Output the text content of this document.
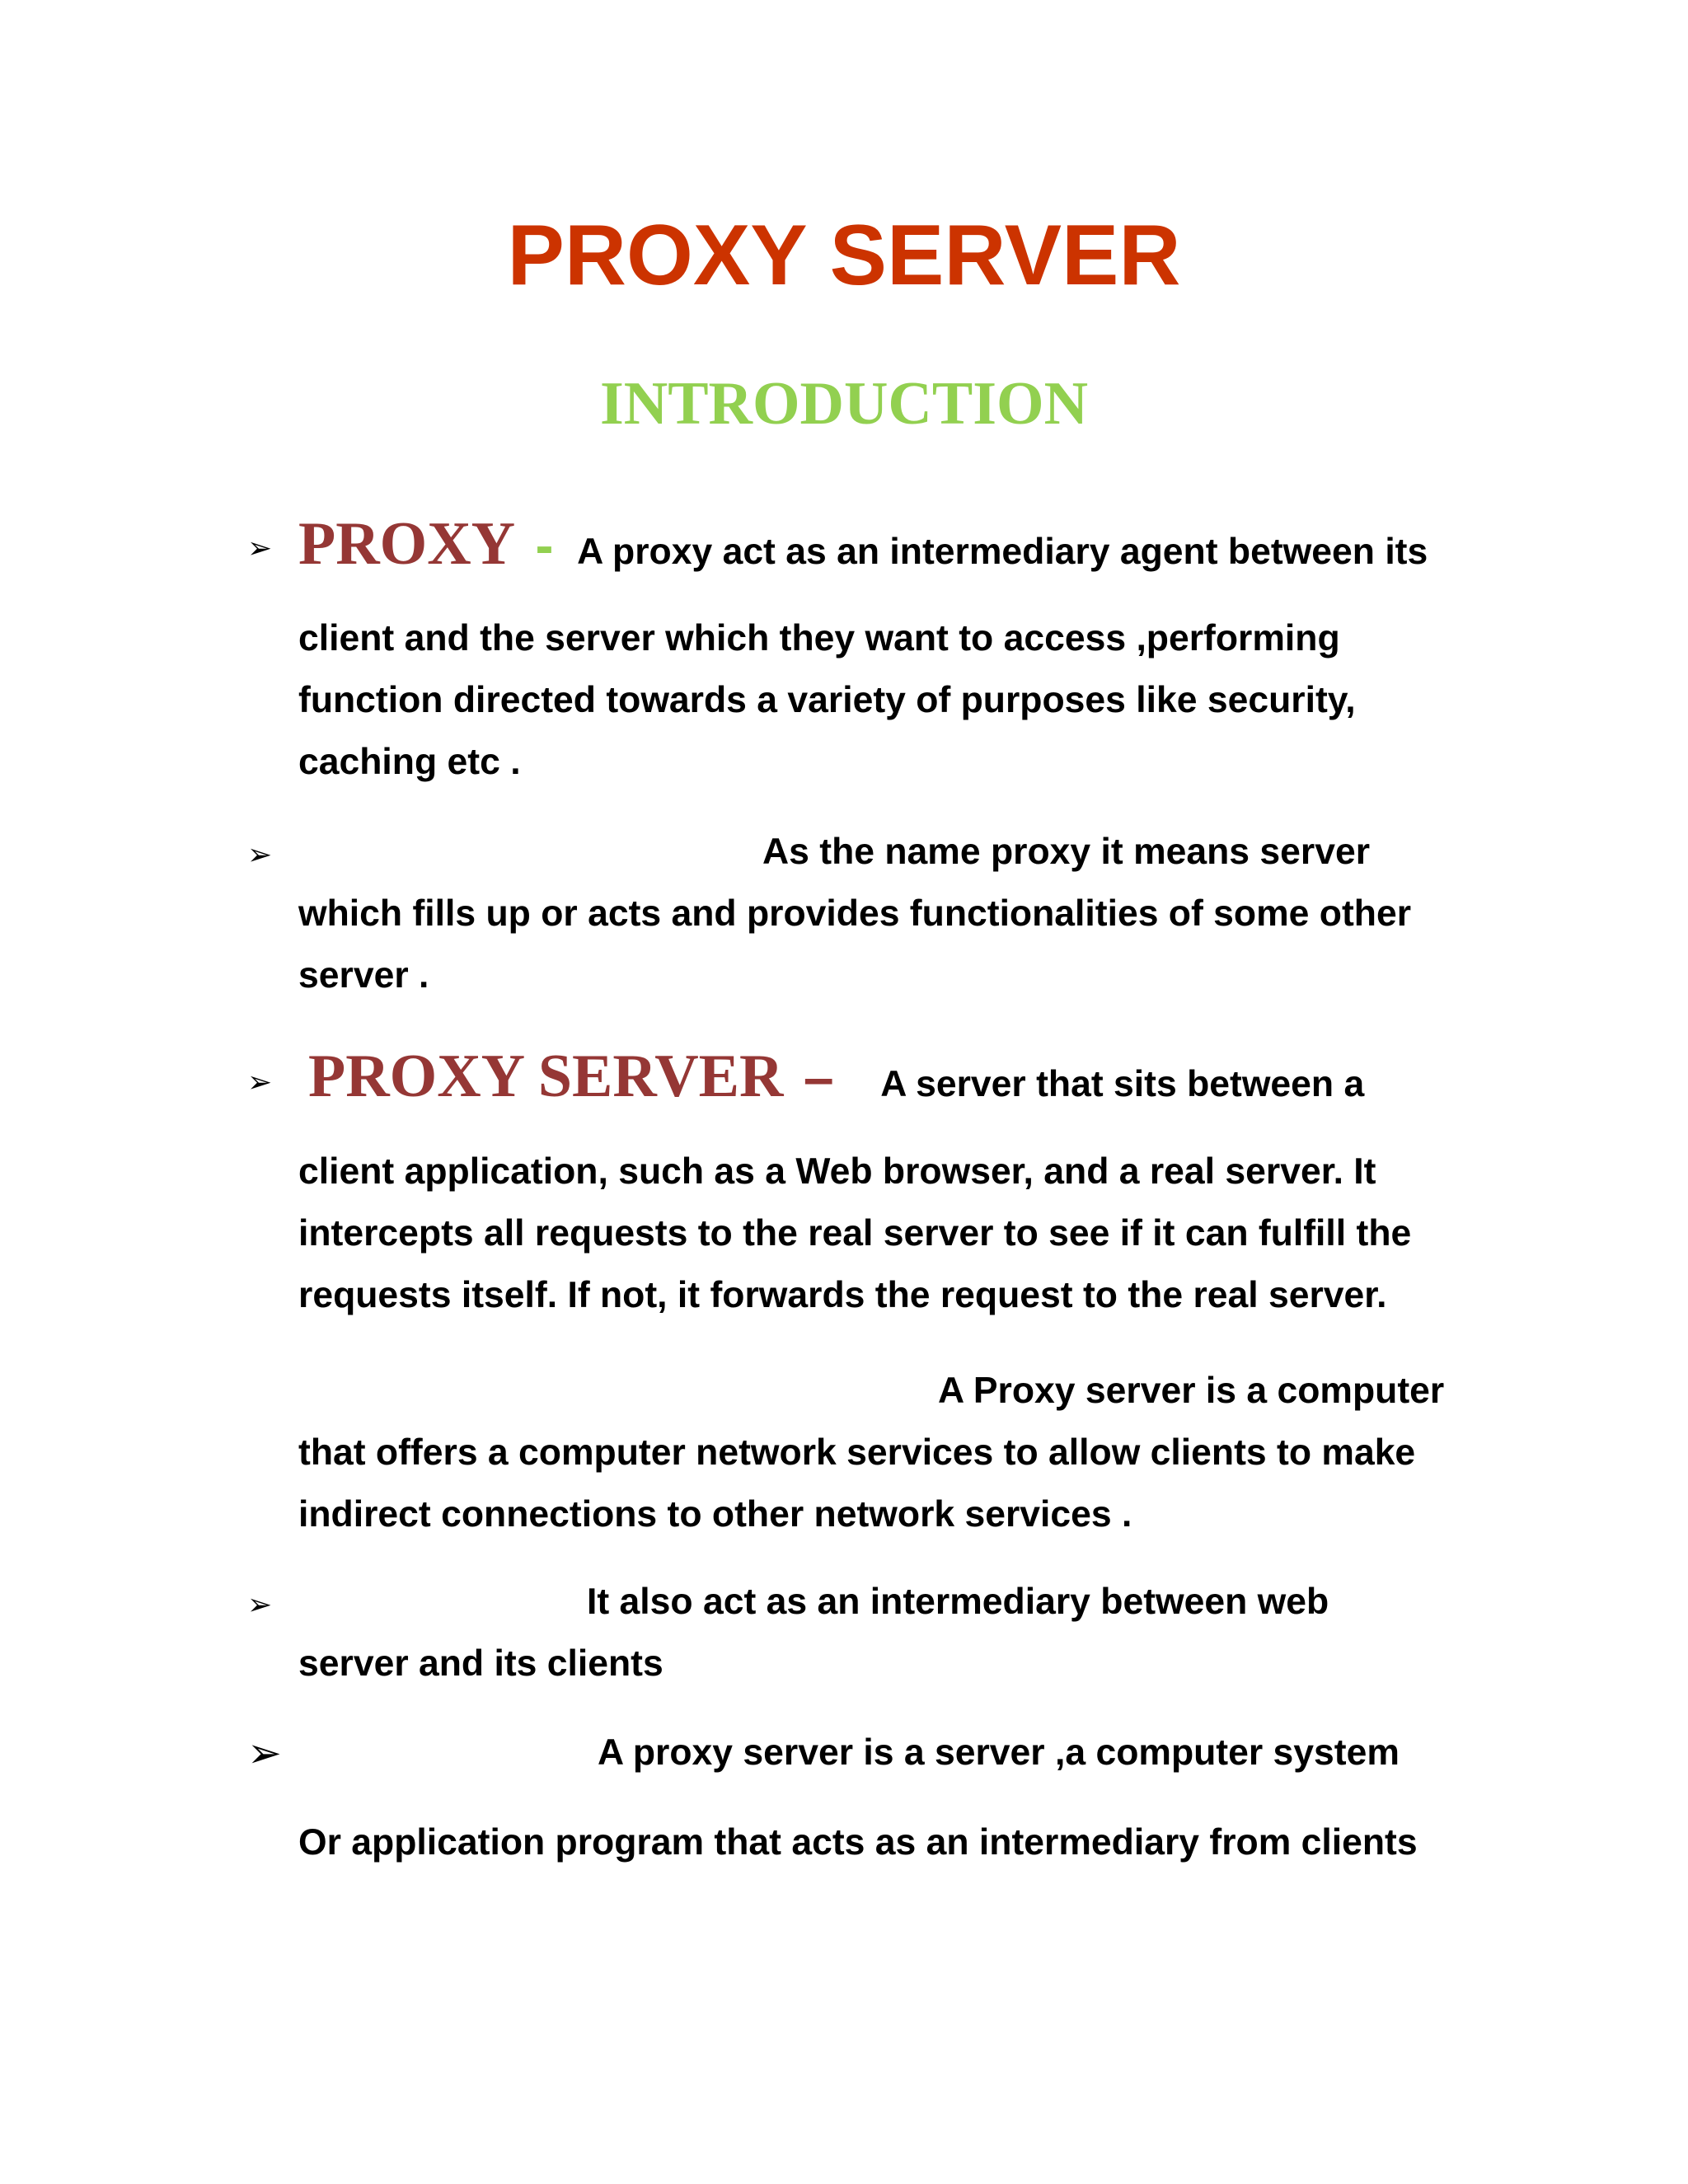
PROXY SERVER
INTRODUCTION
➢ PROXY - A proxy act as an intermediary agent between its
client and the server which they want to access ,performing
function directed towards a variety of purposes like security,
caching etc .
➢	As the name proxy it means server
which fills up or acts and provides functionalities of some other
server .
➢ PROXY SERVER – A server that sits between a
client application, such as a Web browser, and a real server. It
intercepts all requests to the real server to see if it can fulfill the
requests itself. If not, it forwards the request to the real server.
A Proxy server is a computer
that offers a computer network services to allow clients to make
indirect connections to other network services .
➢	It also act as an intermediary between web
server and its clients
➢	A proxy server is a server ,a computer system
Or application program that acts as an intermediary from clients
